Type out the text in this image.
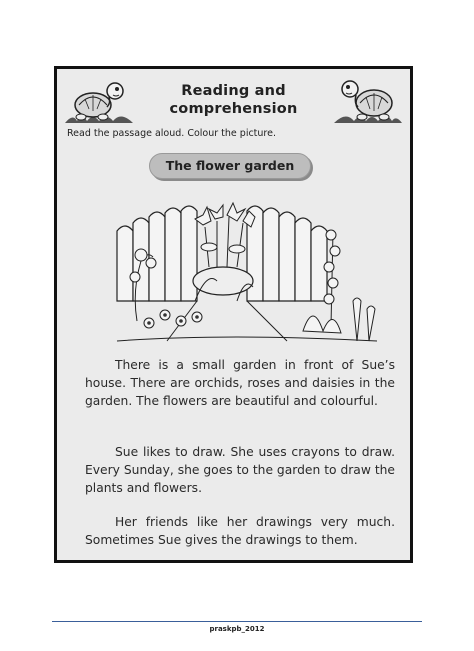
Reading and
comprehension
Read the passage aloud. Colour the picture.
The flower garden

There is a small garden in front of Sue’s house. There are orchids, roses and daisies in the garden. The flowers are beautiful and colourful.

Sue likes to draw. She uses crayons to draw. Every Sunday, she goes to the garden to draw the plants and flowers.

Her friends like her drawings very much. Sometimes Sue gives the drawings to them.

praskpb_2012
